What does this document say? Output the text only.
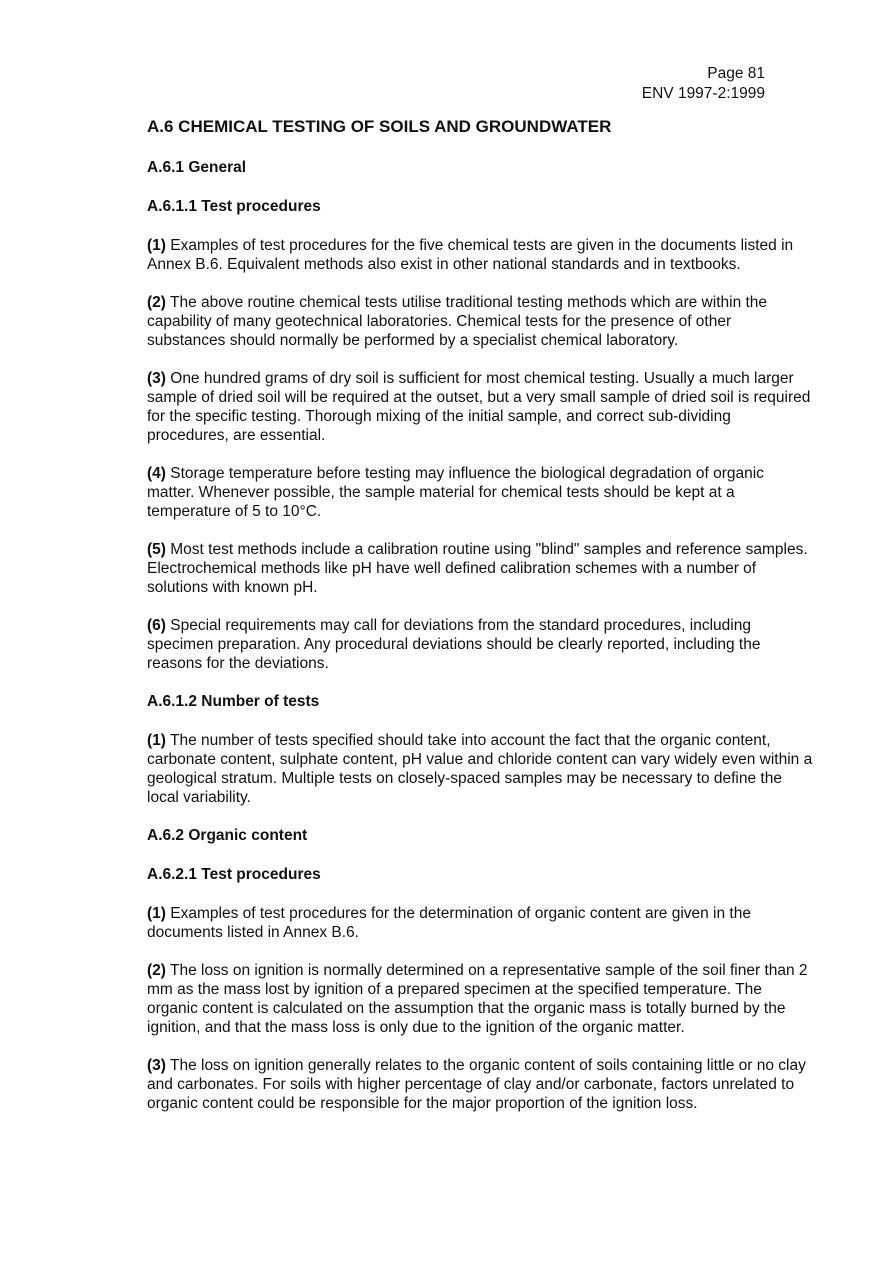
Page 81
ENV 1997-2:1999
A.6 CHEMICAL TESTING OF SOILS AND GROUNDWATER
A.6.1 General
A.6.1.1 Test procedures

(1) Examples of test procedures for the five chemical tests are given in the documents listed in Annex B.6. Equivalent methods also exist in other national standards and in textbooks.

(2) The above routine chemical tests utilise traditional testing methods which are within the capability of many geotechnical laboratories. Chemical tests for the presence of other substances should normally be performed by a specialist chemical laboratory.

(3) One hundred grams of dry soil is sufficient for most chemical testing. Usually a much larger sample of dried soil will be required at the outset, but a very small sample of dried soil is required for the specific testing. Thorough mixing of the initial sample, and correct sub-dividing procedures, are essential.

(4) Storage temperature before testing may influence the biological degradation of organic matter. Whenever possible, the sample material for chemical tests should be kept at a temperature of 5 to 10°C.

(5) Most test methods include a calibration routine using "blind" samples and reference samples. Electrochemical methods like pH have well defined calibration schemes with a number of solutions with known pH.

(6) Special requirements may call for deviations from the standard procedures, including specimen preparation. Any procedural deviations should be clearly reported, including the reasons for the deviations.

A.6.1.2 Number of tests

(1) The number of tests specified should take into account the fact that the organic content, carbonate content, sulphate content, pH value and chloride content can vary widely even within a geological stratum. Multiple tests on closely-spaced samples may be necessary to define the local variability.

A.6.2 Organic content
A.6.2.1 Test procedures

(1) Examples of test procedures for the determination of organic content are given in the documents listed in Annex B.6.

(2) The loss on ignition is normally determined on a representative sample of the soil finer than 2 mm as the mass lost by ignition of a prepared specimen at the specified temperature. The organic content is calculated on the assumption that the organic mass is totally burned by the ignition, and that the mass loss is only due to the ignition of the organic matter.

(3) The loss on ignition generally relates to the organic content of soils containing little or no clay and carbonates. For soils with higher percentage of clay and/or carbonate, factors unrelated to organic content could be responsible for the major proportion of the ignition loss.
